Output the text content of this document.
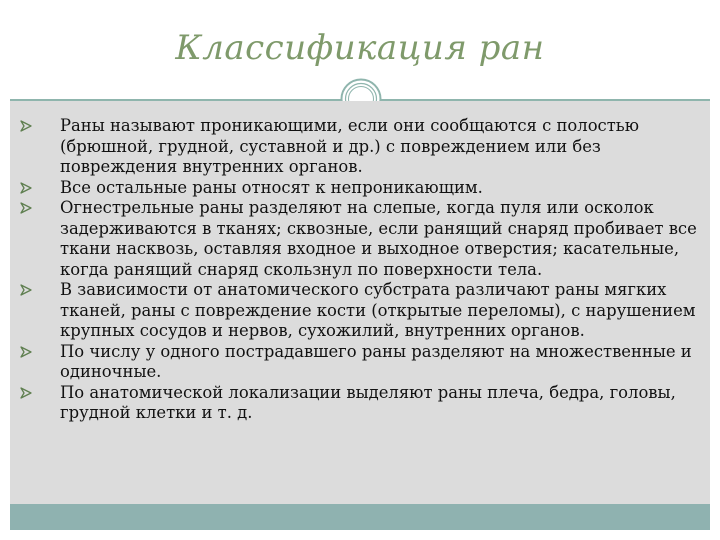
Классификация ран
Раны называют проникающими, если они сообщаются с полостью (брюшной, грудной, суставной и др.) с повреждением или без повреждения внутренних органов.
Все остальные раны относят к непроникающим.
Огнестрельные раны разделяют на слепые, когда пуля или осколок задерживаются в тканях; сквозные, если ранящий снаряд пробивает все ткани насквозь, оставляя входное и выходное отверстия; касательные, когда ранящий снаряд скользнул по поверхности тела.
В зависимости от анатомического субстрата различают раны мягких тканей, раны с повреждение кости (открытые переломы), с нарушением крупных сосудов и нервов, сухожилий, внутренних органов.
По числу у одного пострадавшего раны разделяют на множественные и одиночные.
По анатомической локализации выделяют раны плеча, бедра, головы, грудной клетки и т. д.
